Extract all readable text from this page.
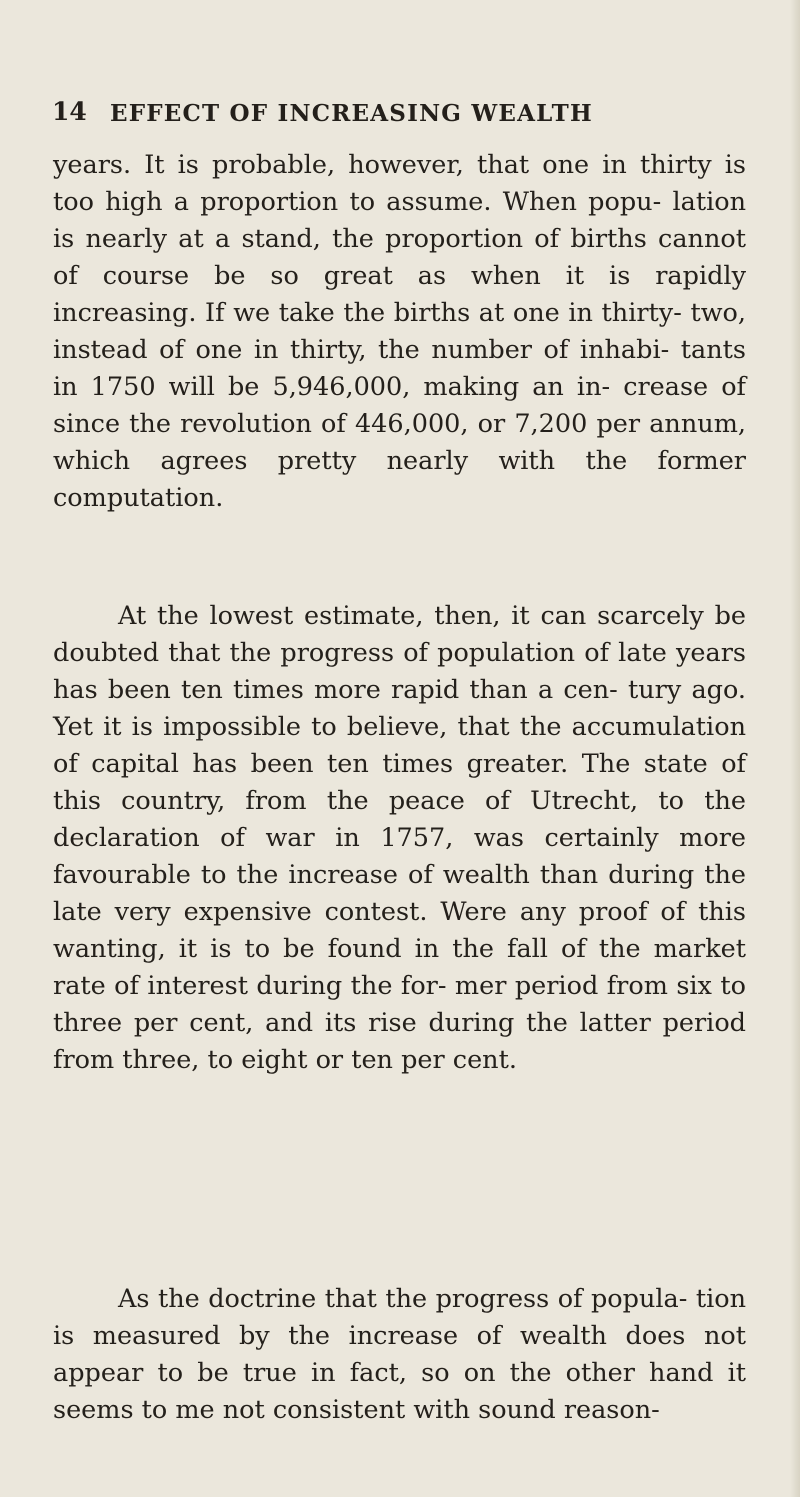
14 EFFECT OF INCREASING WEALTH

years. It is probable, however, that one in thirty is too high a proportion to assume. When popu- lation is nearly at a stand, the proportion of births cannot of course be so great as when it is rapidly increasing. If we take the births at one in thirty- two, instead of one in thirty, the number of inhabi- tants in 1750 will be 5,946,000, making an in- crease of since the revolution of 446,000, or 7,200 per annum, which agrees pretty nearly with the former computation.

At the lowest estimate, then, it can scarcely be doubted that the progress of population of late years has been ten times more rapid than a cen- tury ago. Yet it is impossible to believe, that the accumulation of capital has been ten times greater. The state of this country, from the peace of Utrecht, to the declaration of war in 1757, was certainly more favourable to the increase of wealth than during the late very expensive contest. Were any proof of this wanting, it is to be found in the fall of the market rate of interest during the for- mer period from six to three per cent, and its rise during the latter period from three, to eight or ten per cent.

As the doctrine that the progress of popula- tion is measured by the increase of wealth does not appear to be true in fact, so on the other hand it seems to me not consistent with sound reason-
